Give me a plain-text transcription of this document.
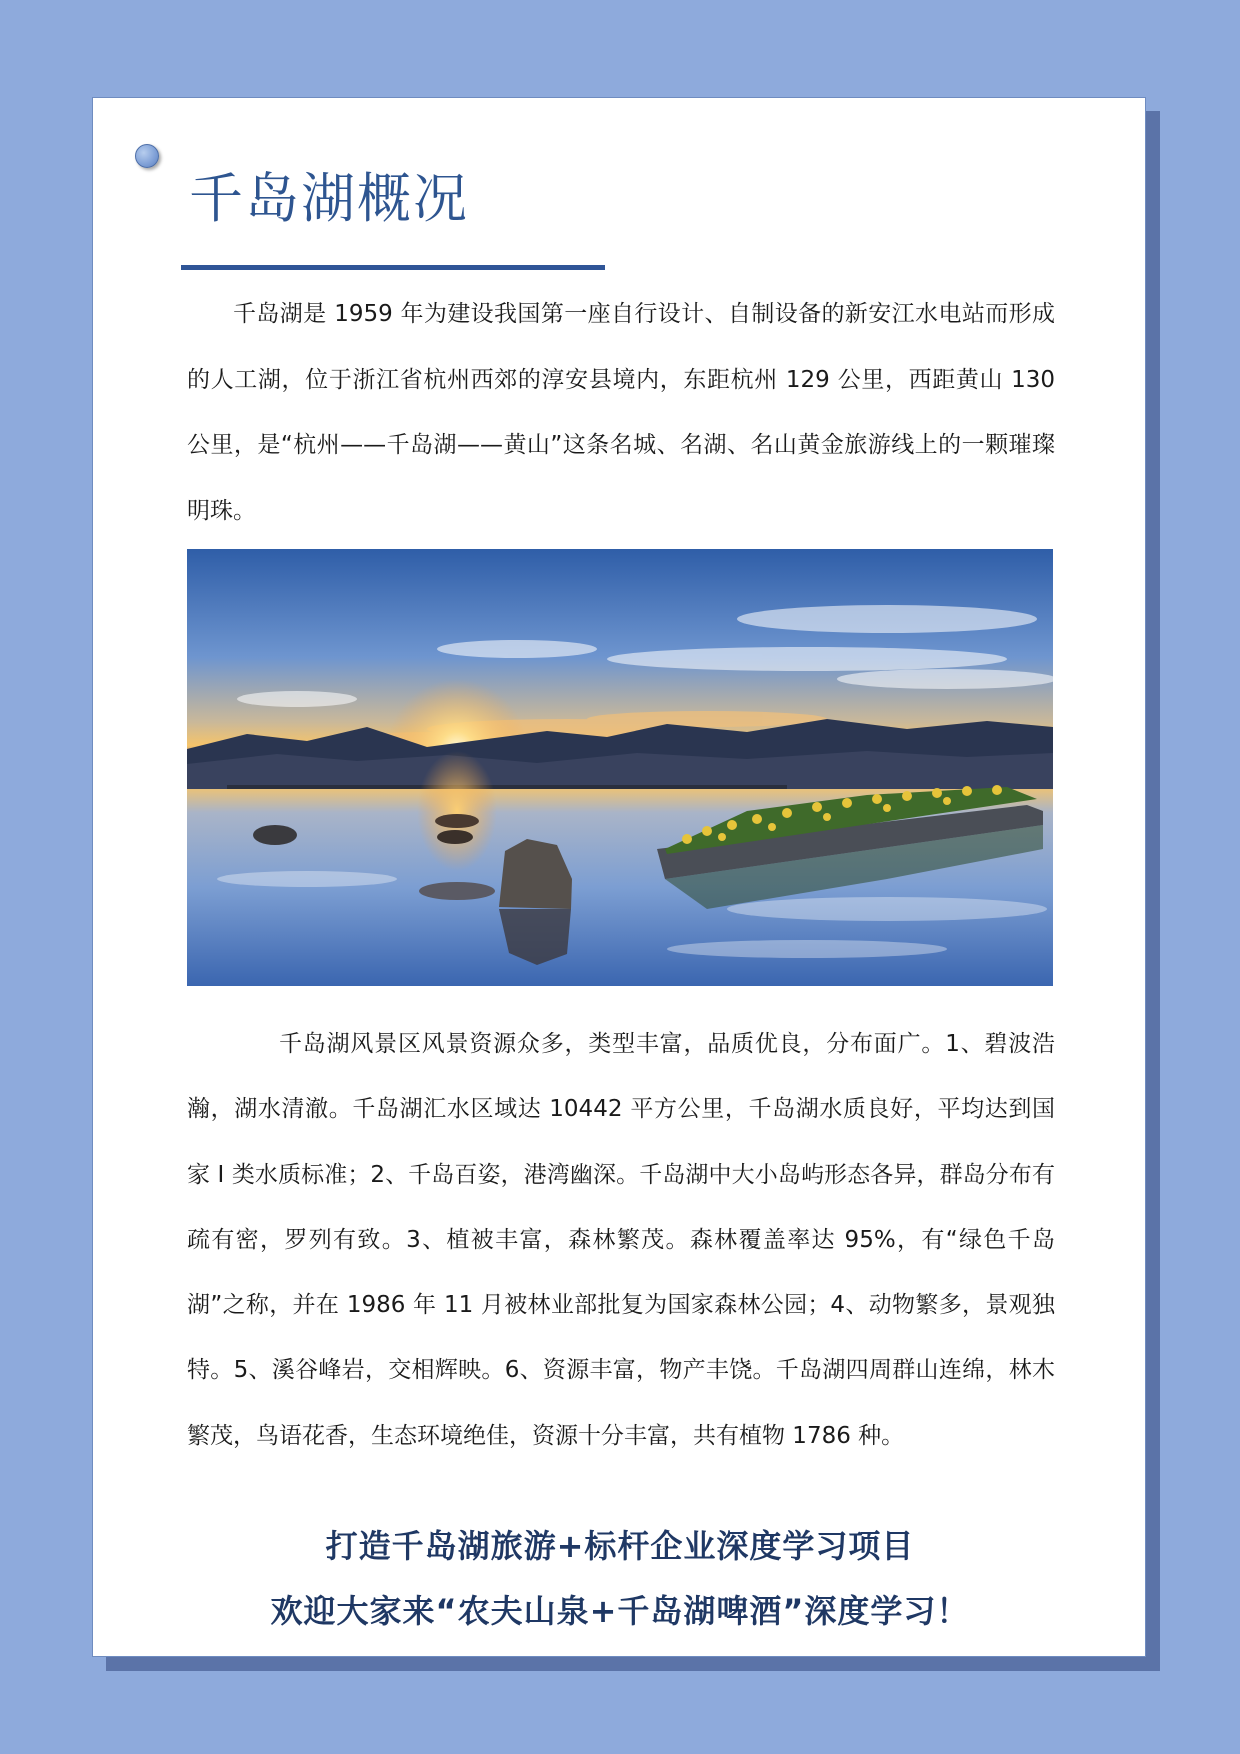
千岛湖概况

千岛湖是 1959 年为建设我国第一座自行设计、自制设备的新安江水电站而形成的人工湖，位于浙江省杭州西郊的淳安县境内，东距杭州 129 公里，西距黄山 130 公里，是“杭州——千岛湖——黄山”这条名城、名湖、名山黄金旅游线上的一颗璀璨明珠。

千岛湖风景区风景资源众多，类型丰富，品质优良，分布面广。1、碧波浩瀚，湖水清澈。千岛湖汇水区域达 10442 平方公里，千岛湖水质良好，平均达到国家 Ⅰ 类水质标准；2、千岛百姿，港湾幽深。千岛湖中大小岛屿形态各异，群岛分布有疏有密，罗列有致。3、植被丰富，森林繁茂。森林覆盖率达 95%，有“绿色千岛湖”之称，并在 1986 年 11 月被林业部批复为国家森林公园；4、动物繁多，景观独特。5、溪谷峰岩，交相辉映。6、资源丰富，物产丰饶。千岛湖四周群山连绵，林木繁茂，鸟语花香，生态环境绝佳，资源十分丰富，共有植物 1786 种。

打造千岛湖旅游+标杆企业深度学习项目

欢迎大家来“农夫山泉+千岛湖啤酒”深度学习！
